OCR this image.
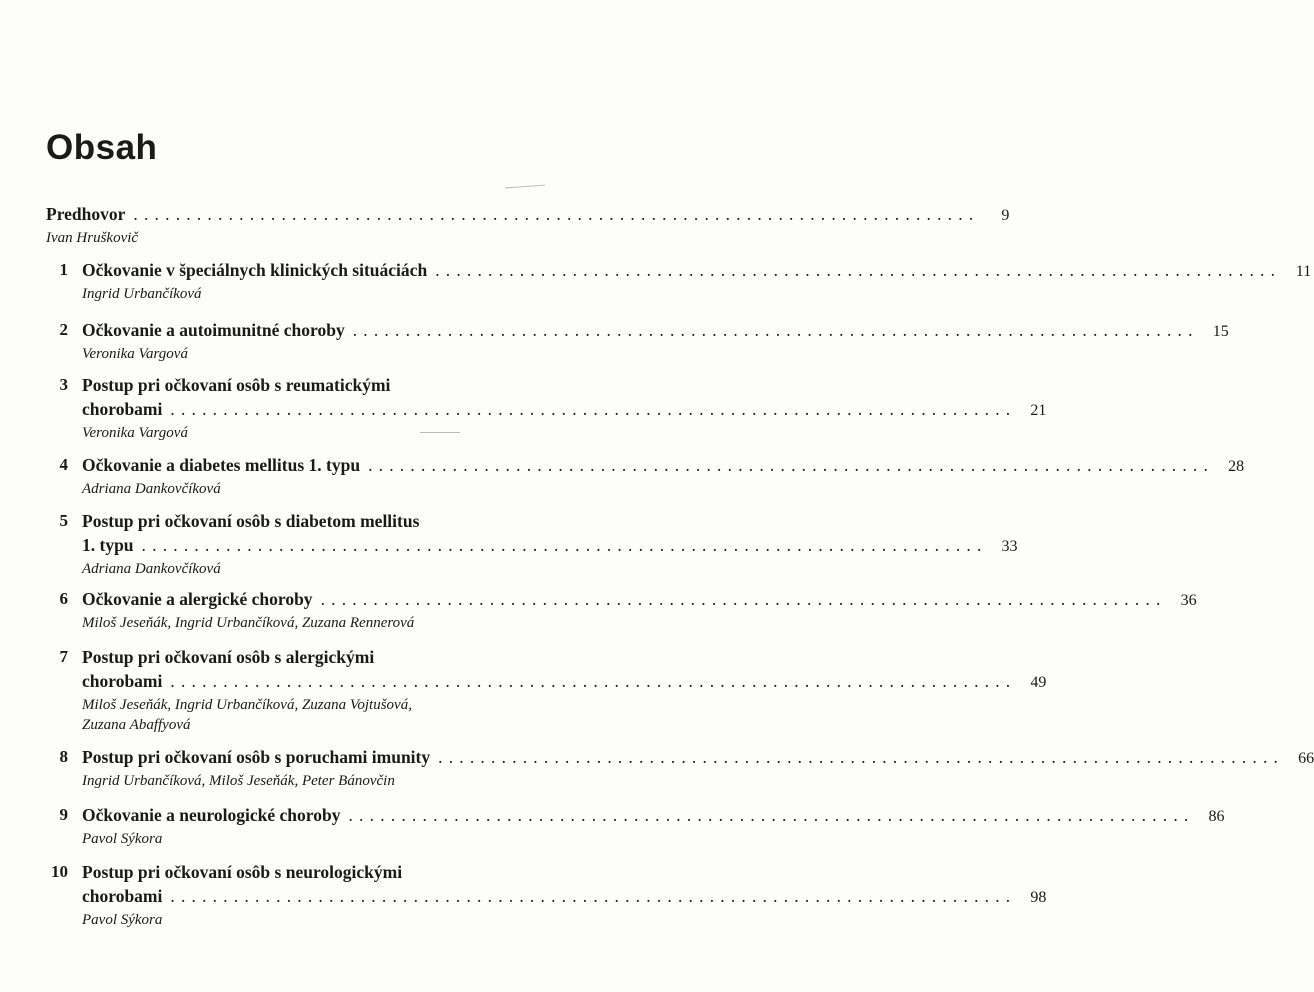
Obsah
Predhovor ................................................................................	9
Ivan Hruškovič
1 Očkovanie v špeciálnych klinických situáciách ................................................................................ 11
Ingrid Urbančíková
2 Očkovanie a autoimunitné choroby ................................................................................ 15
Veronika Vargová
3 Postup pri očkovaní osôb s reumatickými
chorobami ................................................................................ 21
Veronika Vargová
4 Očkovanie a diabetes mellitus 1. typu ................................................................................ 28
Adriana Dankovčíková
5 Postup pri očkovaní osôb s diabetom mellitus
1. typu ................................................................................ 33
Adriana Dankovčíková
6 Očkovanie a alergické choroby ................................................................................ 36
Miloš Jeseňák, Ingrid Urbančíková, Zuzana Rennerová
7 Postup pri očkovaní osôb s alergickými
chorobami ................................................................................ 49
Miloš Jeseňák, Ingrid Urbančíková, Zuzana Vojtušová,
Zuzana Abaffyová
8 Postup pri očkovaní osôb s poruchami imunity ................................................................................ 66
Ingrid Urbančíková, Miloš Jeseňák, Peter Bánovčin
9 Očkovanie a neurologické choroby ................................................................................ 86
Pavol Sýkora
10 Postup pri očkovaní osôb s neurologickými
chorobami ................................................................................ 98
Pavol Sýkora
